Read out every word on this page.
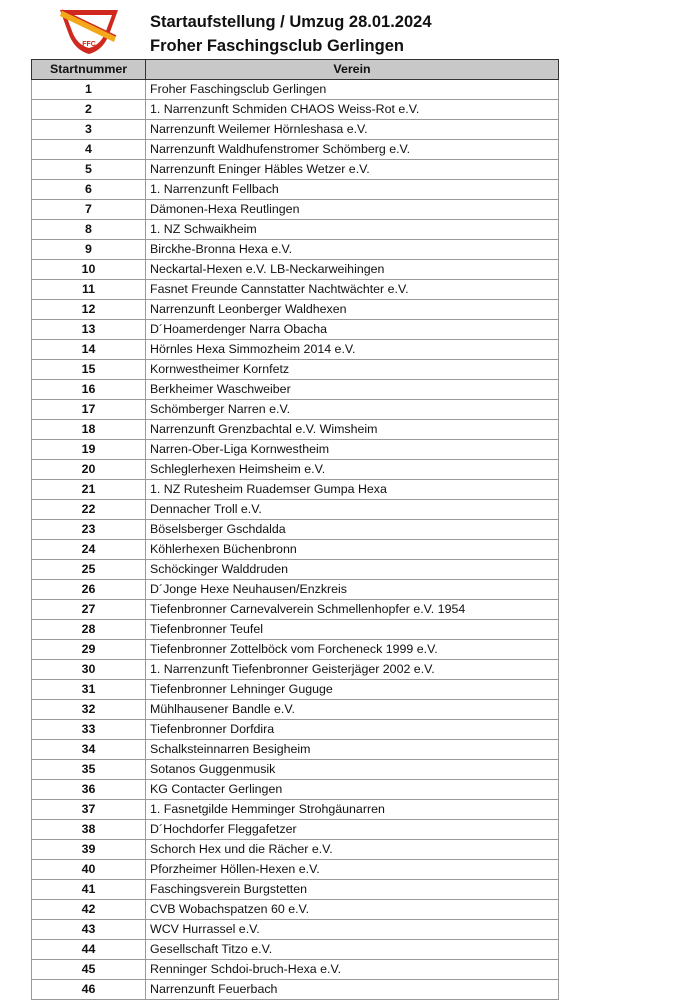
FFC
Startaufstellung / Umzug 28.01.2024
Froher Faschingsclub Gerlingen
Startnummer	Verein
1	Froher Faschingsclub Gerlingen
2	1. Narrenzunft Schmiden CHAOS Weiss-Rot e.V.
3	Narrenzunft Weilemer Hörnleshasa e.V.
4	Narrenzunft Waldhufenstromer Schömberg e.V.
5	Narrenzunft Eninger Häbles Wetzer e.V.
6	1. Narrenzunft Fellbach
7	Dämonen-Hexa Reutlingen
8	1. NZ Schwaikheim
9	Birckhe-Bronna Hexa e.V.
10	Neckartal-Hexen e.V. LB-Neckarweihingen
11	Fasnet Freunde Cannstatter Nachtwächter e.V.
12	Narrenzunft Leonberger Waldhexen
13	D´Hoamerdenger Narra Obacha
14	Hörnles Hexa Simmozheim 2014 e.V.
15	Kornwestheimer Kornfetz
16	Berkheimer Waschweiber
17	Schömberger Narren e.V.
18	Narrenzunft Grenzbachtal e.V. Wimsheim
19	Narren-Ober-Liga Kornwestheim
20	Schleglerhexen Heimsheim e.V.
21	1. NZ Rutesheim Ruademser Gumpa Hexa
22	Dennacher Troll e.V.
23	Böselsberger Gschdalda
24	Köhlerhexen Büchenbronn
25	Schöckinger Walddruden
26	D´Jonge Hexe Neuhausen/Enzkreis
27	Tiefenbronner Carnevalverein Schmellenhopfer e.V. 1954
28	Tiefenbronner Teufel
29	Tiefenbronner Zottelböck vom Forcheneck 1999 e.V.
30	1. Narrenzunft Tiefenbronner Geisterjäger 2002 e.V.
31	Tiefenbronner Lehninger Guguge
32	Mühlhausener Bandle e.V.
33	Tiefenbronner Dorfdira
34	Schalksteinnarren Besigheim
35	Sotanos Guggenmusik
36	KG Contacter Gerlingen
37	1. Fasnetgilde Hemminger Strohgäunarren
38	D´Hochdorfer Fleggafetzer
39	Schorch Hex und die Rächer e.V.
40	Pforzheimer Höllen-Hexen e.V.
41	Faschingsverein Burgstetten
42	CVB Wobachspatzen 60 e.V.
43	WCV Hurrassel e.V.
44	Gesellschaft Titzo e.V.
45	Renninger Schdoi-bruch-Hexa e.V.
46	Narrenzunft Feuerbach
